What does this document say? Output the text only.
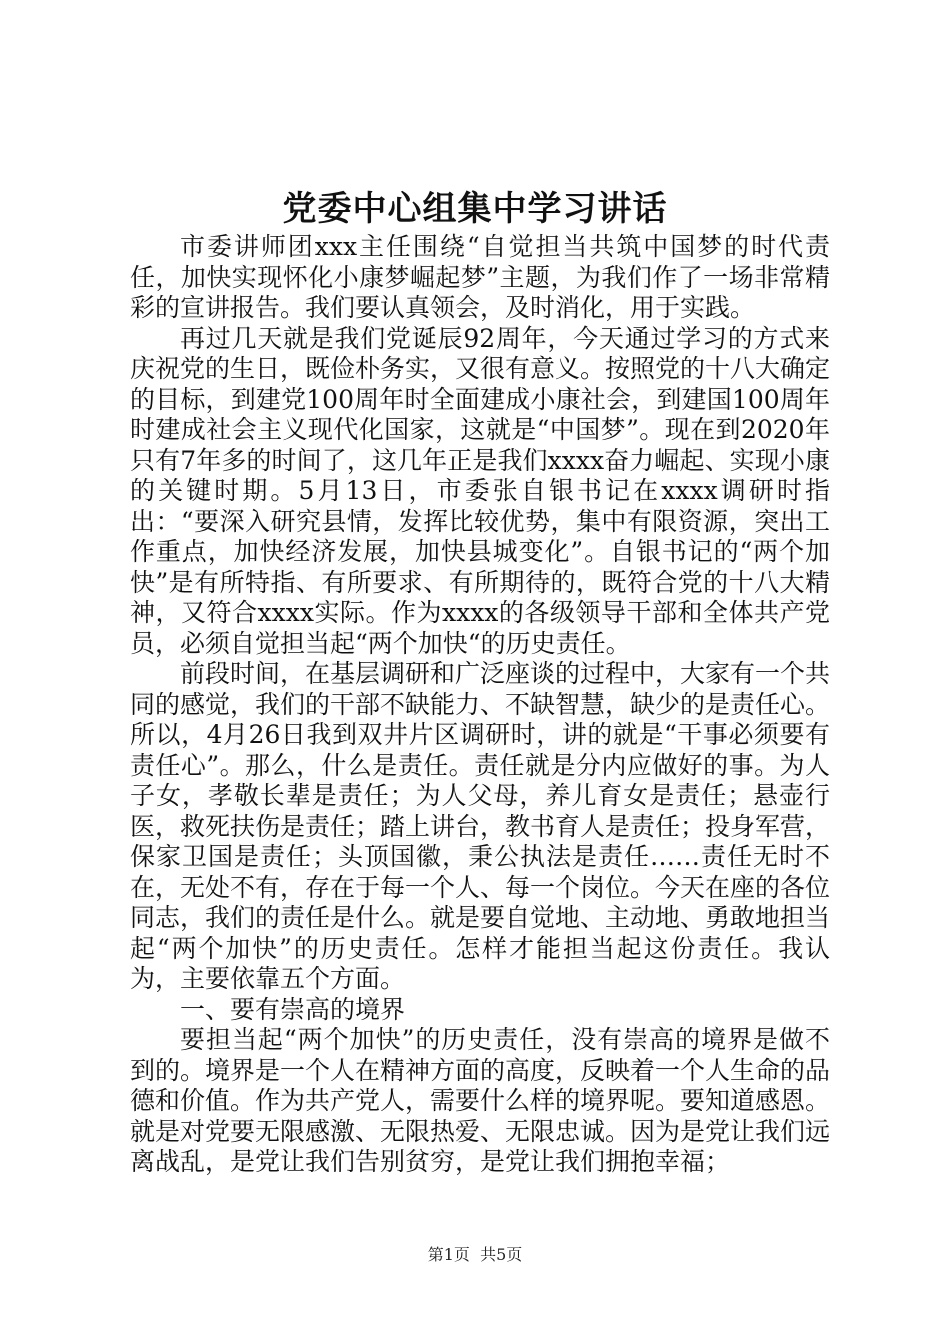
党委中心组集中学习讲话

市委讲师团xxx主任围绕“自觉担当共筑中国梦的时代责任，加快实现怀化小康梦崛起梦”主题，为我们作了一场非常精彩的宣讲报告。我们要认真领会，及时消化，用于实践。

再过几天就是我们党诞辰92周年，今天通过学习的方式来庆祝党的生日，既俭朴务实，又很有意义。按照党的十八大确定的目标，到建党100周年时全面建成小康社会，到建国100周年时建成社会主义现代化国家，这就是“中国梦”。现在到2020年只有7年多的时间了，这几年正是我们xxxx奋力崛起、实现小康的关键时期。5月13日，市委张自银书记在xxxx调研时指出：“要深入研究县情，发挥比较优势，集中有限资源，突出工作重点，加快经济发展，加快县城变化”。自银书记的“两个加快”是有所特指、有所要求、有所期待的，既符合党的十八大精神，又符合xxxx实际。作为xxxx的各级领导干部和全体共产党员，必须自觉担当起“两个加快“的历史责任。

前段时间，在基层调研和广泛座谈的过程中，大家有一个共同的感觉，我们的干部不缺能力、不缺智慧，缺少的是责任心。所以，4月26日我到双井片区调研时，讲的就是“干事必须要有责任心”。那么，什么是责任。责任就是分内应做好的事。为人子女，孝敬长辈是责任；为人父母，养儿育女是责任；悬壶行医，救死扶伤是责任；踏上讲台，教书育人是责任；投身军营，保家卫国是责任；头顶国徽，秉公执法是责任……责任无时不在，无处不有，存在于每一个人、每一个岗位。今天在座的各位同志，我们的责任是什么。就是要自觉地、主动地、勇敢地担当起“两个加快”的历史责任。怎样才能担当起这份责任。我认为，主要依靠五个方面。

一、要有崇高的境界

要担当起“两个加快”的历史责任，没有崇高的境界是做不到的。境界是一个人在精神方面的高度，反映着一个人生命的品德和价值。作为共产党人，需要什么样的境界呢。要知道感恩。就是对党要无限感激、无限热爱、无限忠诚。因为是党让我们远离战乱，是党让我们告别贫穷，是党让我们拥抱幸福；

第1页 共5页
